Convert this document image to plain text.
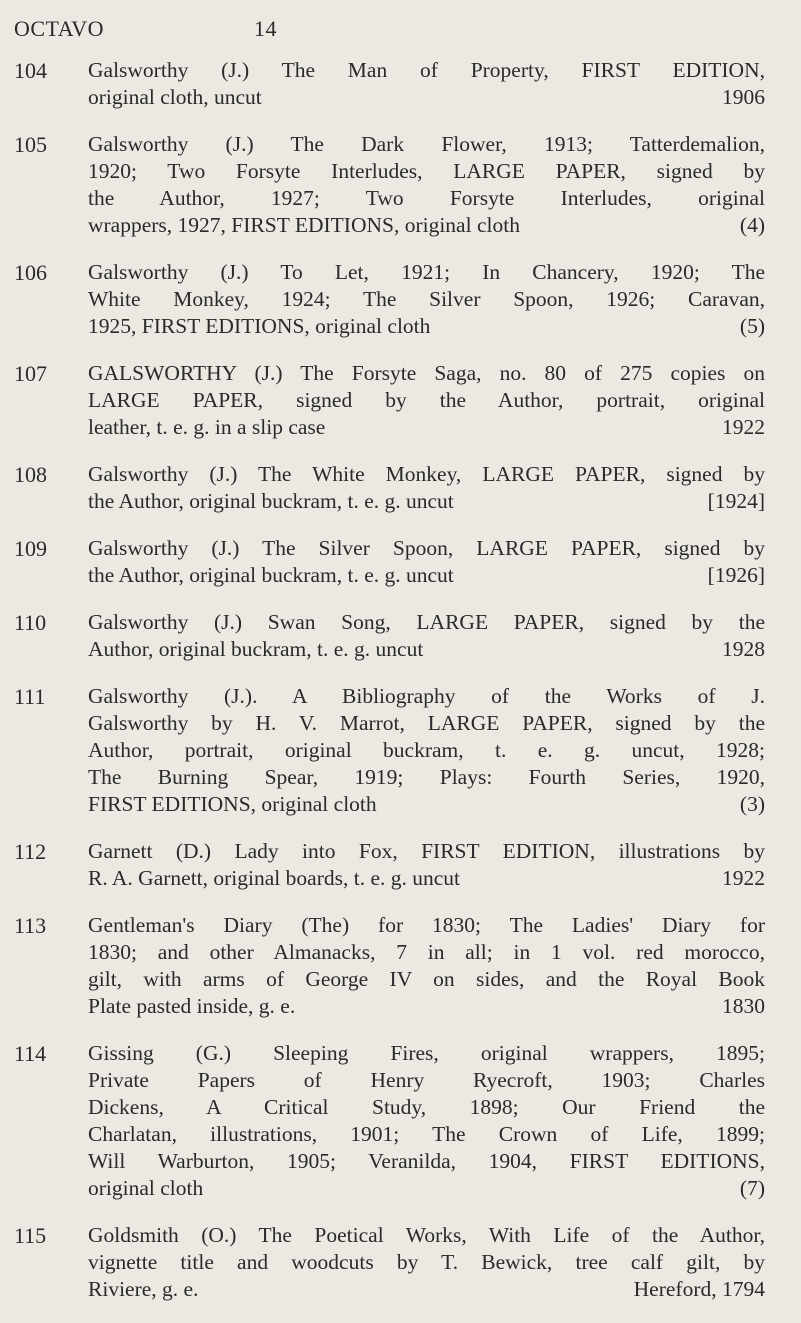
OCTAVO	14
104 Galsworthy (J.) The Man of Property, FIRST EDITION,
original cloth, uncut	1906
105 Galsworthy (J.) The Dark Flower, 1913; Tatterdemalion,
1920; Two Forsyte Interludes, LARGE PAPER, signed by
the Author, 1927; Two Forsyte Interludes, original
wrappers, 1927, FIRST EDITIONS, original cloth	(4)
106 Galsworthy (J.) To Let, 1921; In Chancery, 1920; The
White Monkey, 1924; The Silver Spoon, 1926; Caravan,
1925, FIRST EDITIONS, original cloth	(5)
107 GALSWORTHY (J.) The Forsyte Saga, no. 80 of 275 copies on
LARGE PAPER, signed by the Author, portrait, original
leather, t. e. g. in a slip case	1922
108 Galsworthy (J.) The White Monkey, LARGE PAPER, signed by
the Author, original buckram, t. e. g. uncut	[1924]
109 Galsworthy (J.) The Silver Spoon, LARGE PAPER, signed by
the Author, original buckram, t. e. g. uncut	[1926]
110 Galsworthy (J.) Swan Song, LARGE PAPER, signed by the
Author, original buckram, t. e. g. uncut	1928
111 Galsworthy (J.). A Bibliography of the Works of J.
Galsworthy by H. V. Marrot, LARGE PAPER, signed by the
Author, portrait, original buckram, t. e. g. uncut, 1928;
The Burning Spear, 1919; Plays: Fourth Series, 1920,
FIRST EDITIONS, original cloth	(3)
112 Garnett (D.) Lady into Fox, FIRST EDITION, illustrations by
R. A. Garnett, original boards, t. e. g. uncut	1922
113 Gentleman's Diary (The) for 1830; The Ladies' Diary for
1830; and other Almanacks, 7 in all; in 1 vol. red morocco,
gilt, with arms of George IV on sides, and the Royal Book
Plate pasted inside, g. e.	1830
114 Gissing (G.) Sleeping Fires, original wrappers, 1895;
Private Papers of Henry Ryecroft, 1903; Charles
Dickens, A Critical Study, 1898; Our Friend the
Charlatan, illustrations, 1901; The Crown of Life, 1899;
Will Warburton, 1905; Veranilda, 1904, FIRST EDITIONS,
original cloth	(7)
115 Goldsmith (O.) The Poetical Works, With Life of the Author,
vignette title and woodcuts by T. Bewick, tree calf gilt, by
Riviere, g. e.	Hereford, 1794
